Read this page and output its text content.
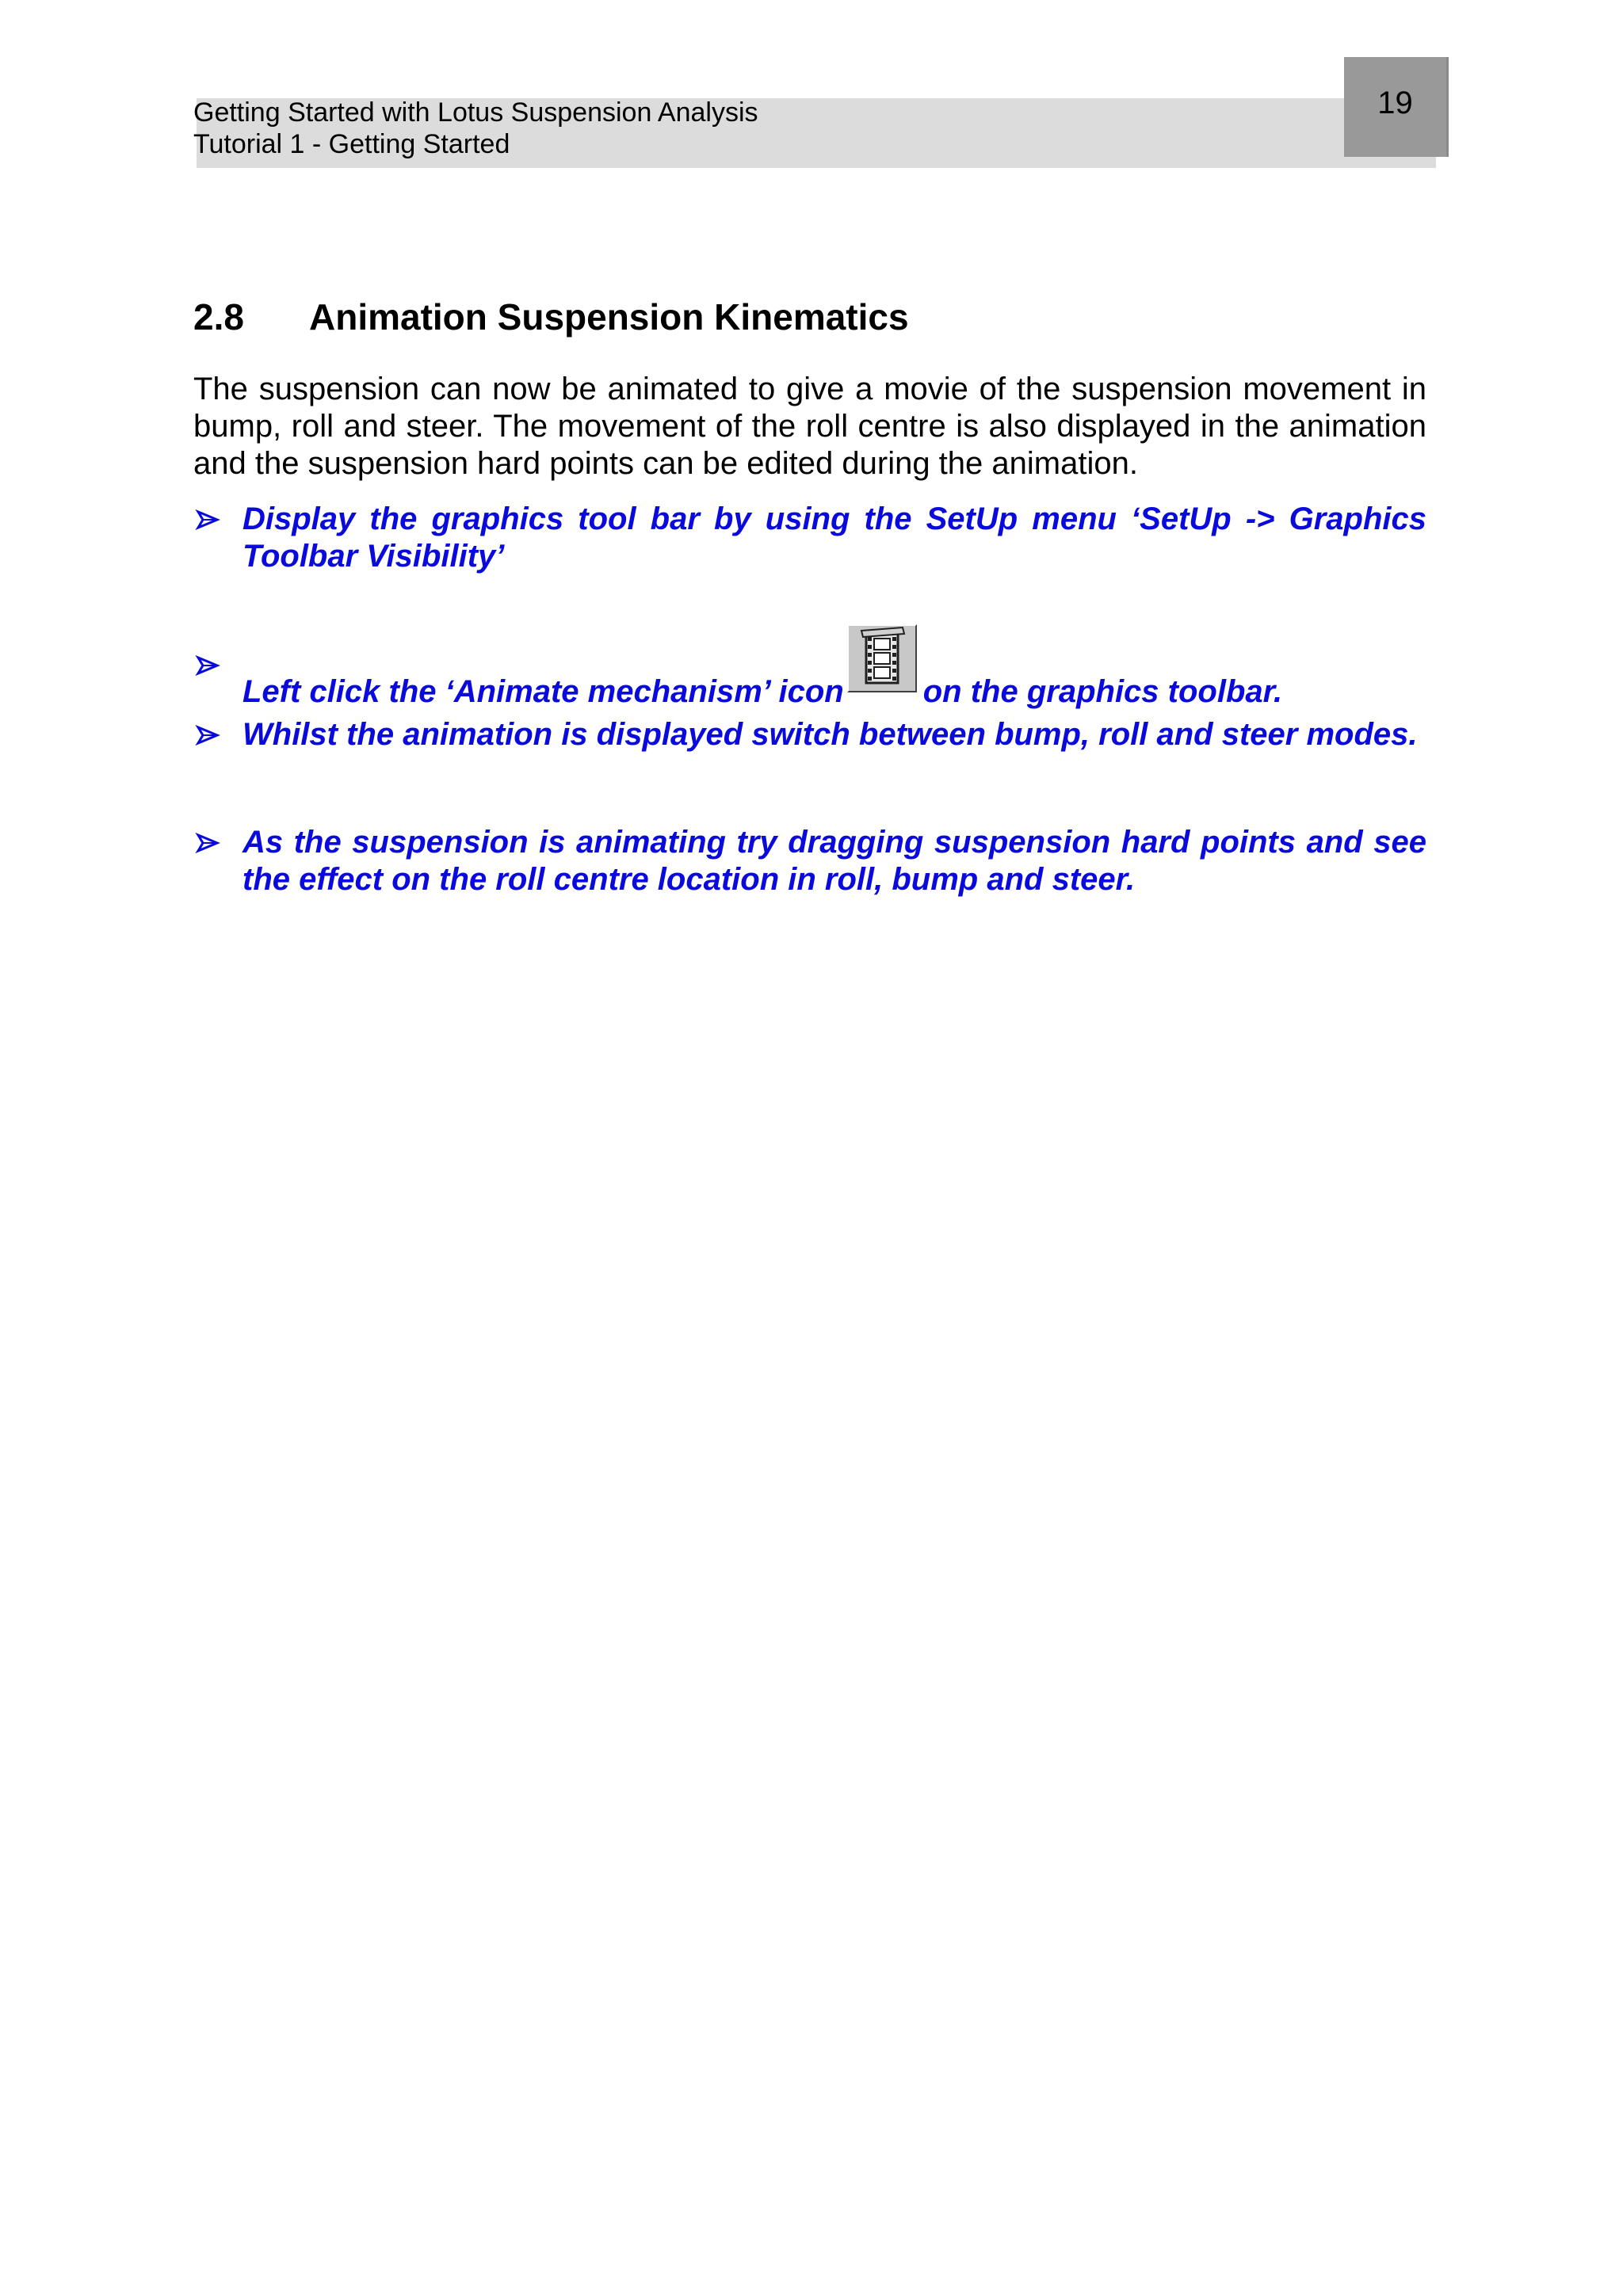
Getting Started with Lotus Suspension Analysis
Tutorial 1 - Getting Started
19
2.8 Animation Suspension Kinematics

The suspension can now be animated to give a movie of the suspension movement in bump, roll and steer. The movement of the roll centre is also displayed in the animation and the suspension hard points can be edited during the animation.

Display the graphics tool bar by using the SetUp menu ‘SetUp -> Graphics Toolbar Visibility’
Left click the ‘Animate mechanism’ icon	on the graphics toolbar.
Whilst the animation is displayed switch between bump, roll and steer modes.
As the suspension is animating try dragging suspension hard points and see the effect on the roll centre location in roll, bump and steer.
